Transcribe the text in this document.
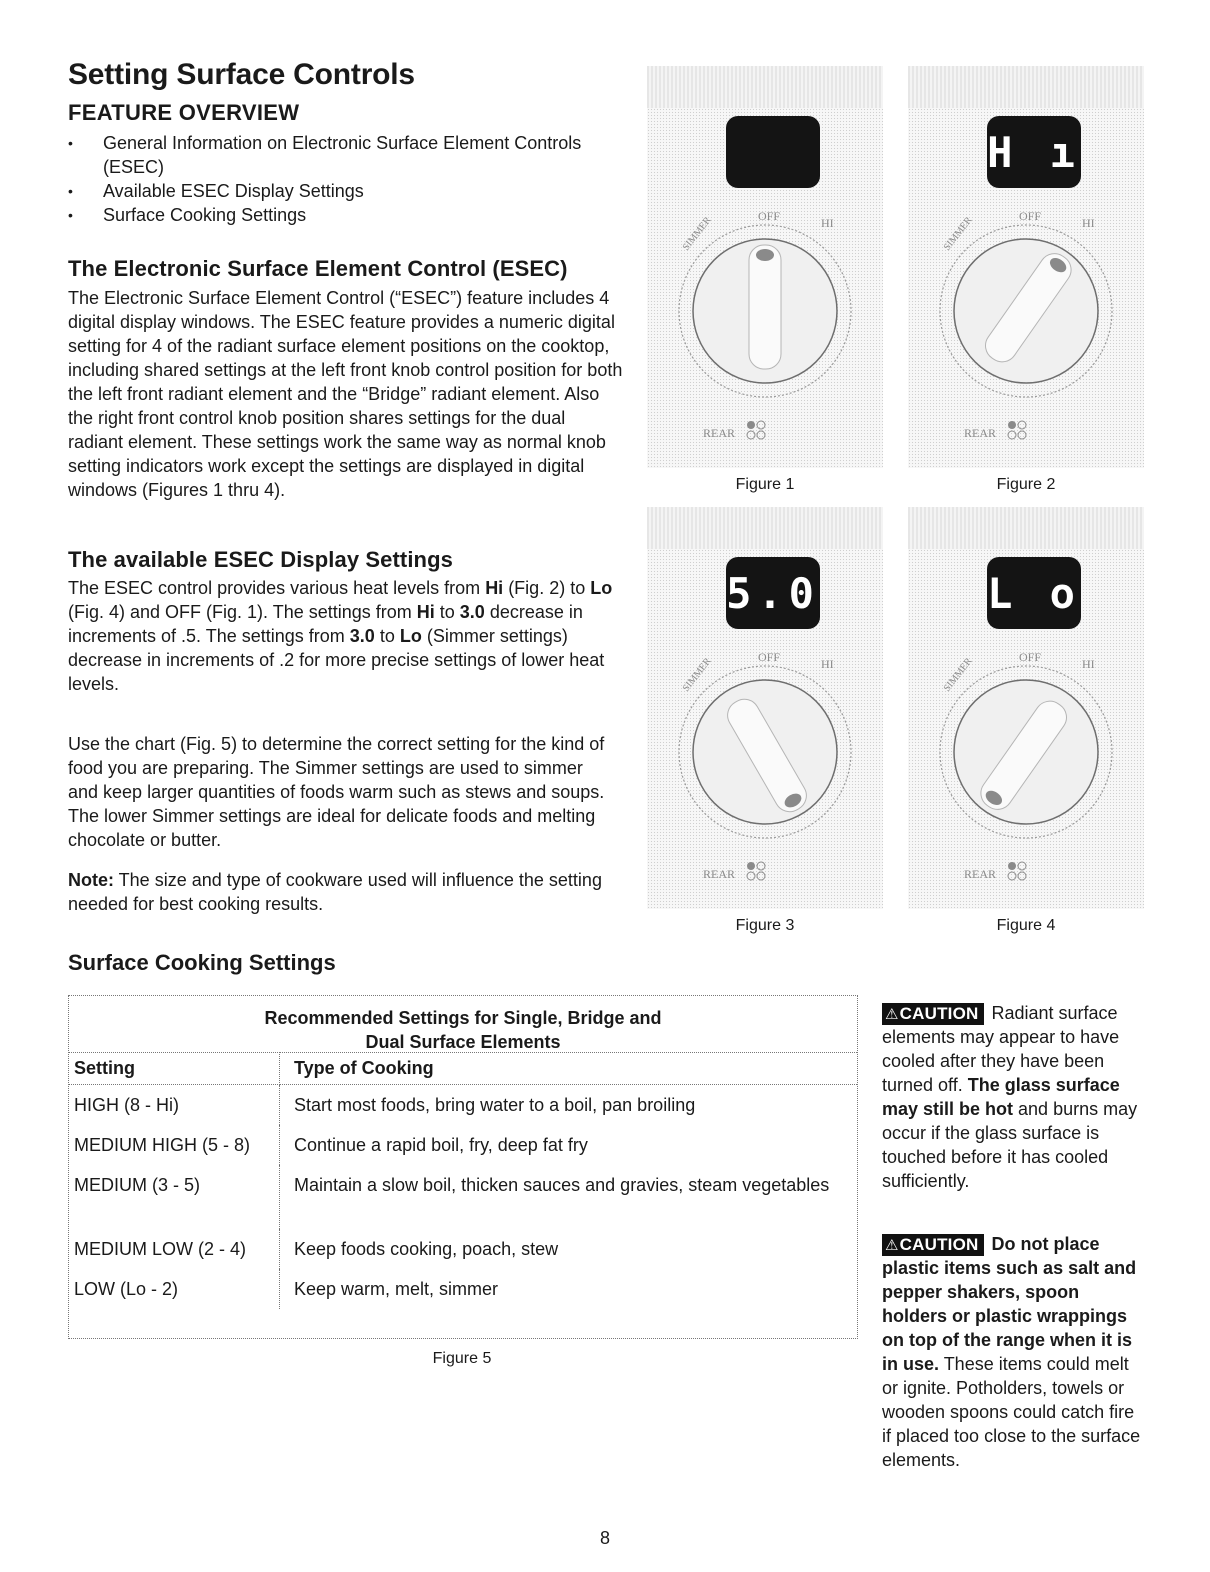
Setting Surface Controls
FEATURE OVERVIEW
• General Information on Electronic Surface Element Controls (ESEC)
• Available ESEC Display Settings
• Surface Cooking Settings
The Electronic Surface Element Control (ESEC)

The Electronic Surface Element Control (“ESEC”) feature includes 4 digital display windows. The ESEC feature provides a numeric digital setting for 4 of the radiant surface element positions on the cooktop, including shared settings at the left front knob control position for both the left front radiant element and the “Bridge” radiant element. Also the right front control knob position shares settings for the dual radiant element. These settings work the same way as normal knob setting indicators work except the settings are displayed in digital windows (Figures 1 thru 4).

The available ESEC Display Settings

The ESEC control provides various heat levels from Hi (Fig. 2) to Lo (Fig. 4) and OFF (Fig. 1). The settings from Hi to 3.0 decrease in increments of .5. The settings from 3.0 to Lo (Simmer settings) decrease in increments of .2 for more precise settings of lower heat levels.

Use the chart (Fig. 5) to determine the correct setting for the kind of food you are preparing. The Simmer settings are used to simmer and keep larger quantities of foods warm such as stews and soups. The lower Simmer settings are ideal for delicate foods and melting chocolate or butter.

Note: The size and type of cookware used will influence the setting needed for best cooking results.

OFF	HI
SIMMER
REAR
Figure 1
H ı
OFF	HI
SIMMER
REAR
Figure 2
5.0
OFF	HI
SIMMER
REAR
Figure 3
L o
OFF	HI
SIMMER
REAR
Figure 4
Surface Cooking Settings
Recommended Settings for Single, Bridge and
Dual Surface Elements
Setting	Type of Cooking
HIGH (8 - Hi)	Start most foods, bring water to a boil, pan broiling
MEDIUM HIGH (5 - 8)	Continue a rapid boil, fry, deep fat fry
MEDIUM (3 - 5)	Maintain a slow boil, thicken sauces and gravies, steam vegetables
MEDIUM LOW (2 - 4)	Keep foods cooking, poach, stew
LOW (Lo - 2)	Keep warm, melt, simmer
Figure 5
⚠CAUTION Radiant surface elements may appear to have cooled after they have been turned off. The glass surface may still be hot and burns may occur if the glass surface is touched before it has cooled sufficiently.
⚠CAUTION Do not place plastic items such as salt and pepper shakers, spoon holders or plastic wrappings on top of the range when it is in use. These items could melt or ignite. Potholders, towels or wooden spoons could catch fire if placed too close to the surface elements.
8
